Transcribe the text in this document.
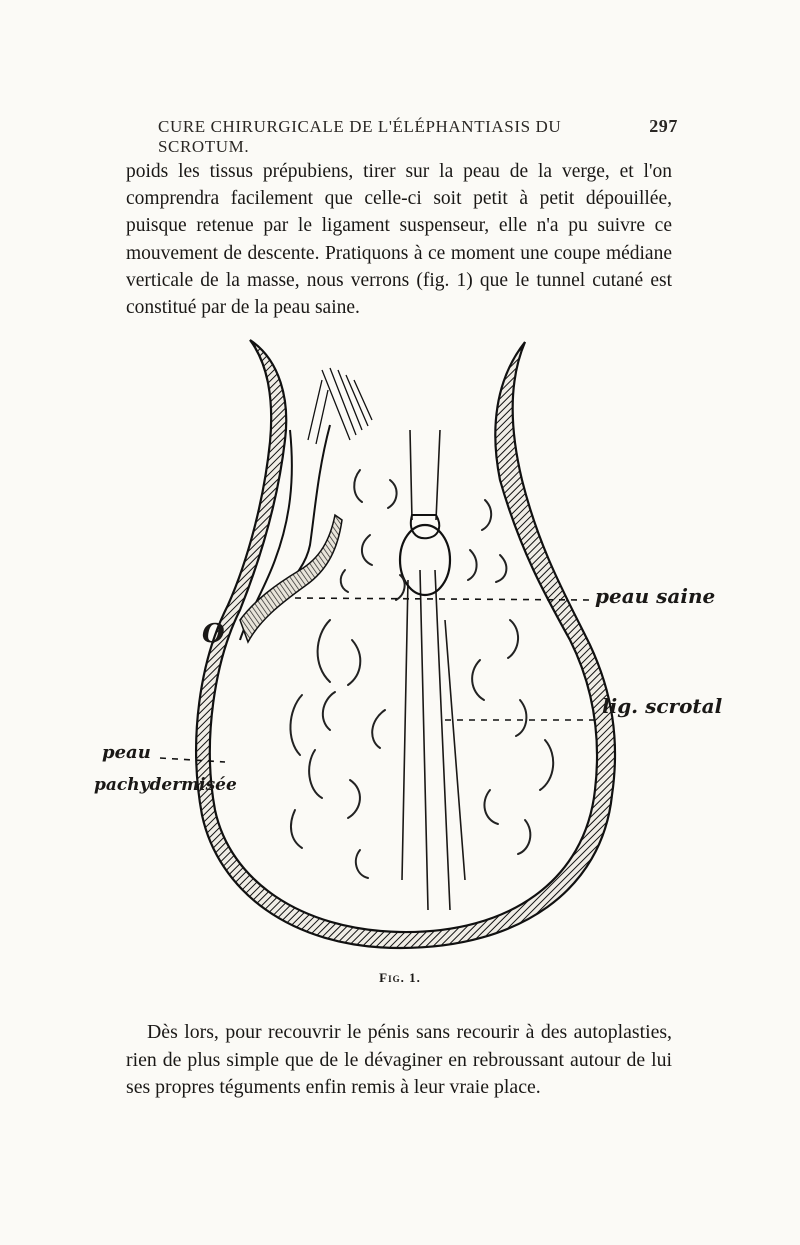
CURE CHIRURGICALE DE L'ÉLÉPHANTIASIS DU SCROTUM.
297

poids les tissus prépubiens, tirer sur la peau de la verge, et l'on comprendra facilement que celle-ci soit petit à petit dépouillée, puisque retenue par le ligament suspenseur, elle n'a pu suivre ce mouvement de descente. Pratiquons à ce moment une coupe médiane verticale de la masse, nous verrons (fig. 1) que le tunnel cutané est constitué par de la peau saine.

O
peau saine
lig. scrotal
peau
pachydermisée
Fig. 1.

Dès lors, pour recouvrir le pénis sans recourir à des autoplasties, rien de plus simple que de le dévaginer en rebroussant autour de lui ses propres téguments enfin remis à leur vraie place.
